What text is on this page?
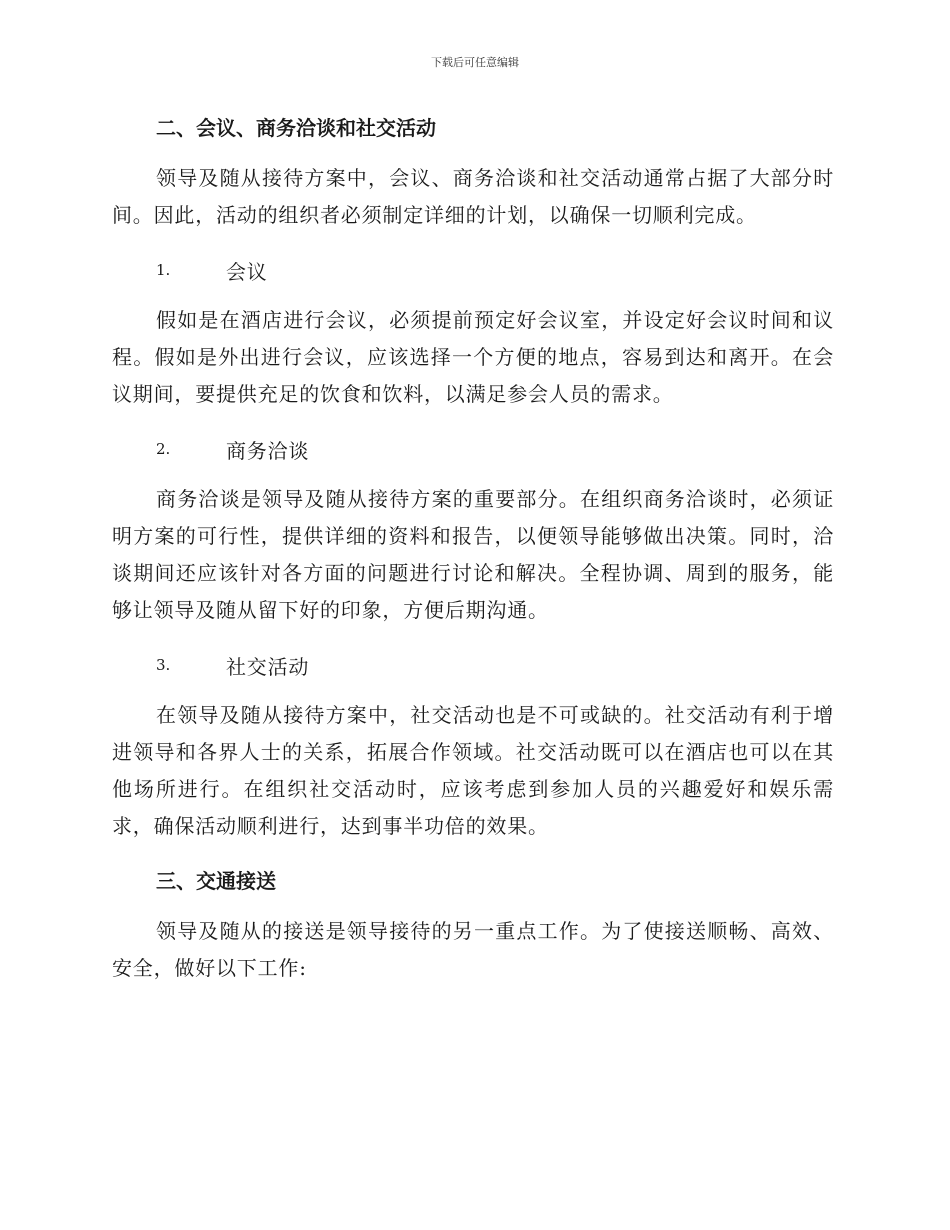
下载后可任意编辑
二、会议、商务洽谈和社交活动

领导及随从接待方案中，会议、商务洽谈和社交活动通常占据了大部分时间。因此，活动的组织者必须制定详细的计划，以确保一切顺利完成。

1.	会议

假如是在酒店进行会议，必须提前预定好会议室，并设定好会议时间和议程。假如是外出进行会议，应该选择一个方便的地点，容易到达和离开。在会议期间，要提供充足的饮食和饮料，以满足参会人员的需求。

2.	商务洽谈

商务洽谈是领导及随从接待方案的重要部分。在组织商务洽谈时，必须证明方案的可行性，提供详细的资料和报告，以便领导能够做出决策。同时，洽谈期间还应该针对各方面的问题进行讨论和解决。全程协调、周到的服务，能够让领导及随从留下好的印象，方便后期沟通。

3.	社交活动

在领导及随从接待方案中，社交活动也是不可或缺的。社交活动有利于增进领导和各界人士的关系，拓展合作领域。社交活动既可以在酒店也可以在其他场所进行。在组织社交活动时，应该考虑到参加人员的兴趣爱好和娱乐需求，确保活动顺利进行，达到事半功倍的效果。

三、交通接送

领导及随从的接送是领导接待的另一重点工作。为了使接送顺畅、高效、安全，做好以下工作:
